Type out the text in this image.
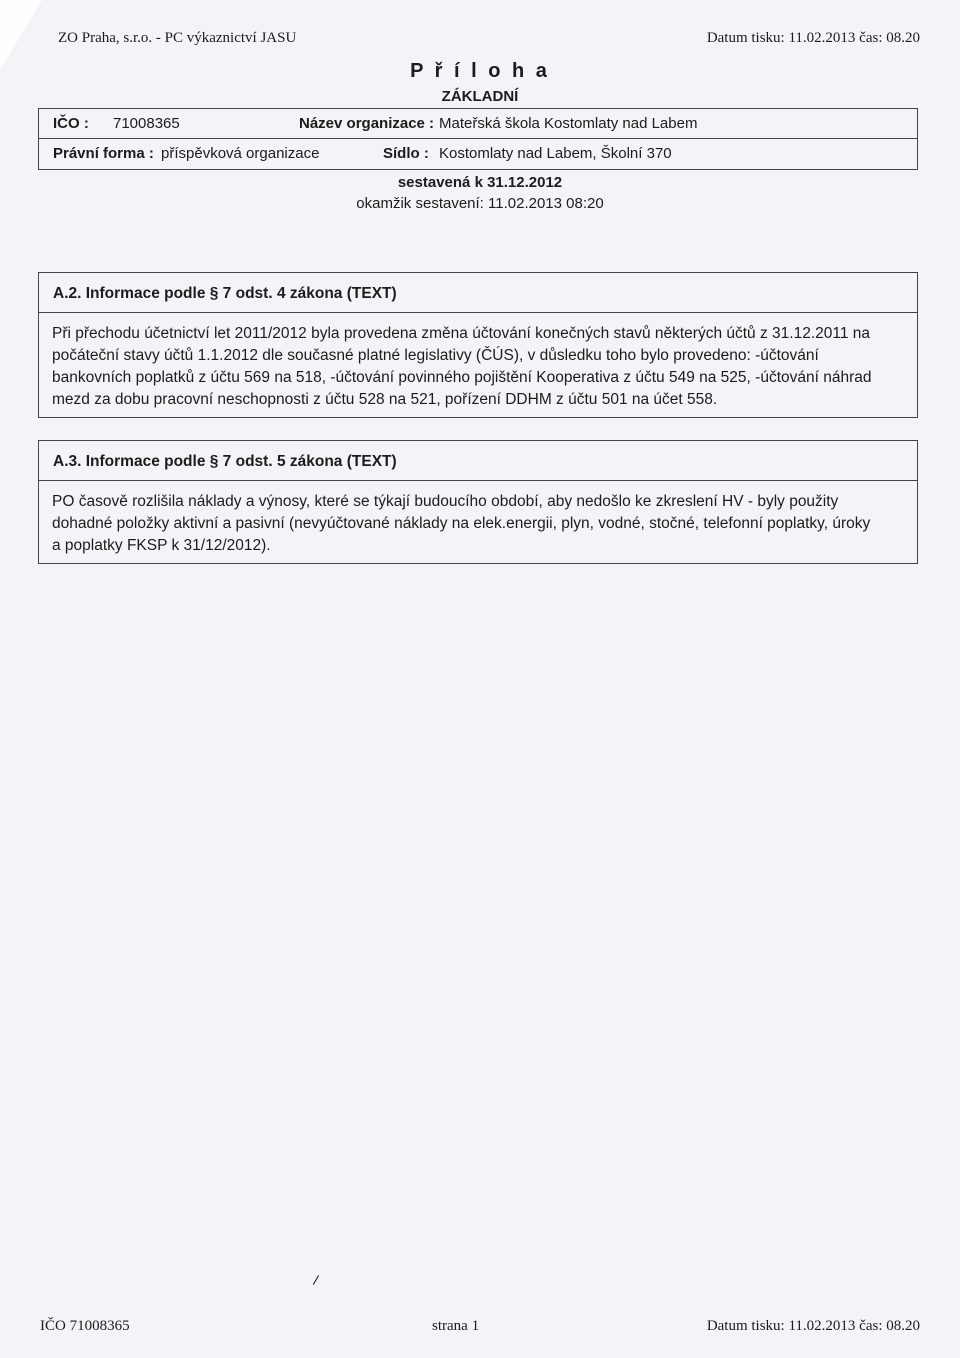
ZO Praha, s.r.o. - PC výkaznictví JASU	Datum tisku: 11.02.2013 čas: 08.20
P ř í l o h a
ZÁKLADNÍ
IČO : 71008365	Název organizace : Mateřská škola Kostomlaty nad Labem
Právní forma : příspěvková organizace	Sídlo : Kostomlaty nad Labem, Školní 370
sestavená k 31.12.2012
okamžik sestavení: 11.02.2013 08:20
A.2. Informace podle § 7 odst. 4 zákona (TEXT)
Při přechodu účetnictví let 2011/2012 byla provedena změna účtování konečných stavů některých účtů z 31.12.2011 na
počáteční stavy účtů 1.1.2012 dle současné platné legislativy (ČÚS), v důsledku toho bylo provedeno: -účtování
bankovních poplatků z účtu 569 na 518, -účtování povinného pojištění Kooperativa z účtu 549 na 525, -účtování náhrad
mezd za dobu pracovní neschopnosti z účtu 528 na 521, pořízení DDHM z účtu 501 na účet 558.
A.3. Informace podle § 7 odst. 5 zákona (TEXT)
PO časově rozlišila náklady a výnosy, které se týkají budoucího období, aby nedošlo ke zkreslení HV - byly použity
dohadné položky aktivní a pasivní (nevyúčtované náklady na elek.energii, plyn, vodné, stočné, telefonní poplatky, úroky
a poplatky FKSP k 31/12/2012).
/
IČO 71008365	strana 1	Datum tisku: 11.02.2013 čas: 08.20
